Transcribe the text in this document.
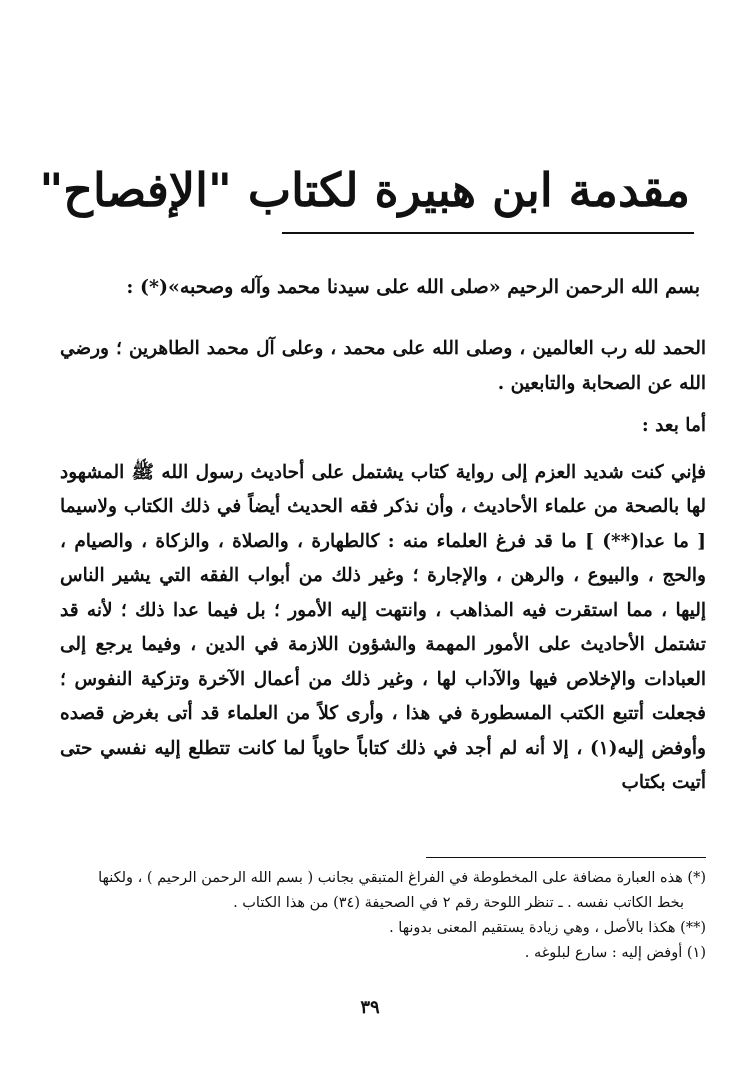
مقدمة ابن هبيرة لكتاب "الإفصاح"
بسم الله الرحمن الرحيم «صلى الله على سيدنا محمد وآله وصحبه»(*) :

الحمد لله رب العالمين ، وصلى الله على محمد ، وعلى آل محمد الطاهرين ؛ ورضي الله عن الصحابة والتابعين .

أما بعد :

فإني كنت شديد العزم إلى رواية كتاب يشتمل على أحاديث رسول الله ﷺ المشهود لها بالصحة من علماء الأحاديث ، وأن نذكر فقه الحديث أيضاً في ذلك الكتاب ولاسيما [ ما عدا(**) ] ما قد فرغ العلماء منه : كالطهارة ، والصلاة ، والزكاة ، والصيام ، والحج ، والبيوع ، والرهن ، والإجارة ؛ وغير ذلك من أبواب الفقه التي يشير الناس إليها ، مما استقرت فيه المذاهب ، وانتهت إليه الأمور ؛ بل فيما عدا ذلك ؛ لأنه قد تشتمل الأحاديث على الأمور المهمة والشؤون اللازمة في الدين ، وفيما يرجع إلى العبادات والإخلاص فيها والآداب لها ، وغير ذلك من أعمال الآخرة وتزكية النفوس ؛ فجعلت أتتبع الكتب المسطورة في هذا ، وأرى كلاً من العلماء قد أتى بغرض قصده وأوفض إليه(١) ، إلا أنه لم أجد في ذلك كتاباً حاوياً لما كانت تتطلع إليه نفسي حتى أتيت بكتاب

(*) هذه العبارة مضافة على المخطوطة في الفراغ المتبقي بجانب ( بسم الله الرحمن الرحيم ) ، ولكنها

بخط الكاتب نفسه . ـ تنظر اللوحة رقم ٢ في الصحيفة (٣٤) من هذا الكتاب .

(**) هكذا بالأصل ، وهي زيادة يستقيم المعنى بدونها .

(١) أوفض إليه : سارع لبلوغه .

٣٩
